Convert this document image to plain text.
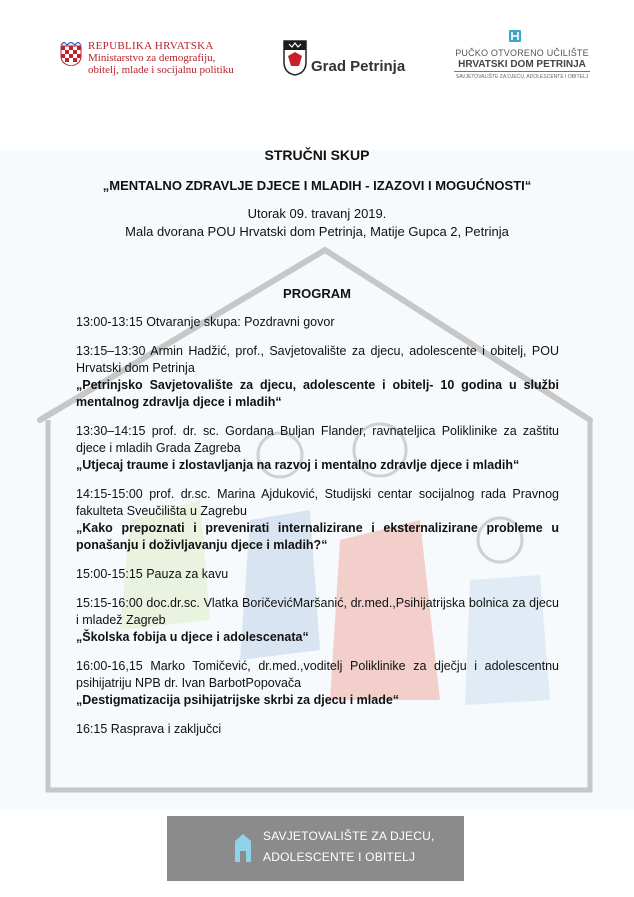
REPUBLIKA HRVATSKA
Ministarstvo za demografiju,
obitelj, mlade i socijalnu politiku	Grad Petrinja
PUČKO OTVORENO UČILIŠTE
HRVATSKI DOM PETRINJA
SAVJETOVALIŠTE ZA DJECU, ADOLESCENTE I OBITELJ
STRUČNI SKUP
„MENTALNO ZDRAVLJE DJECE I MLADIH - IZAZOVI I MOGUĆNOSTI“
Utorak 09. travanj 2019.
Mala dvorana POU Hrvatski dom Petrinja, Matije Gupca 2, Petrinja
PROGRAM
13:00-13:15 Otvaranje skupa: Pozdravni govor
13:15–13:30 Armin Hadžić, prof., Savjetovalište za djecu, adolescente i obitelj, POU Hrvatski dom Petrinja
„Petrinjsko Savjetovalište za djecu, adolescente i obitelj- 10 godina u službi mentalnog zdravlja djece i mladih“
13:30–14:15 prof. dr. sc. Gordana Buljan Flander, ravnateljica Poliklinike za zaštitu djece i mladih Grada Zagreba
„Utjecaj traume i zlostavljanja na razvoj i mentalno zdravlje djece i mladih“
14:15-15:00 prof. dr.sc. Marina Ajduković, Studijski centar socijalnog rada Pravnog fakulteta Sveučilišta u Zagrebu
„Kako prepoznati i prevenirati internalizirane i eksternalizirane probleme u ponašanju i doživljavanju djece i mladih?“
15:00-15:15 Pauza za kavu
15:15-16:00 doc.dr.sc. Vlatka BoričevićMaršanić, dr.med.,Psihijatrijska bolnica za djecu i mladež Zagreb
„Školska fobija u djece i adolescenata“
16:00-16,15 Marko Tomičević, dr.med.,voditelj Poliklinike za dječju i adolescentnu psihijatriju NPB dr. Ivan BarbotPopovača
„Destigmatizacija psihijatrijske skrbi za djecu i mlade“
16:15 Rasprava i zaključci
SAVJETOVALIŠTE ZA DJECU,
ADOLESCENTE I OBITELJ
